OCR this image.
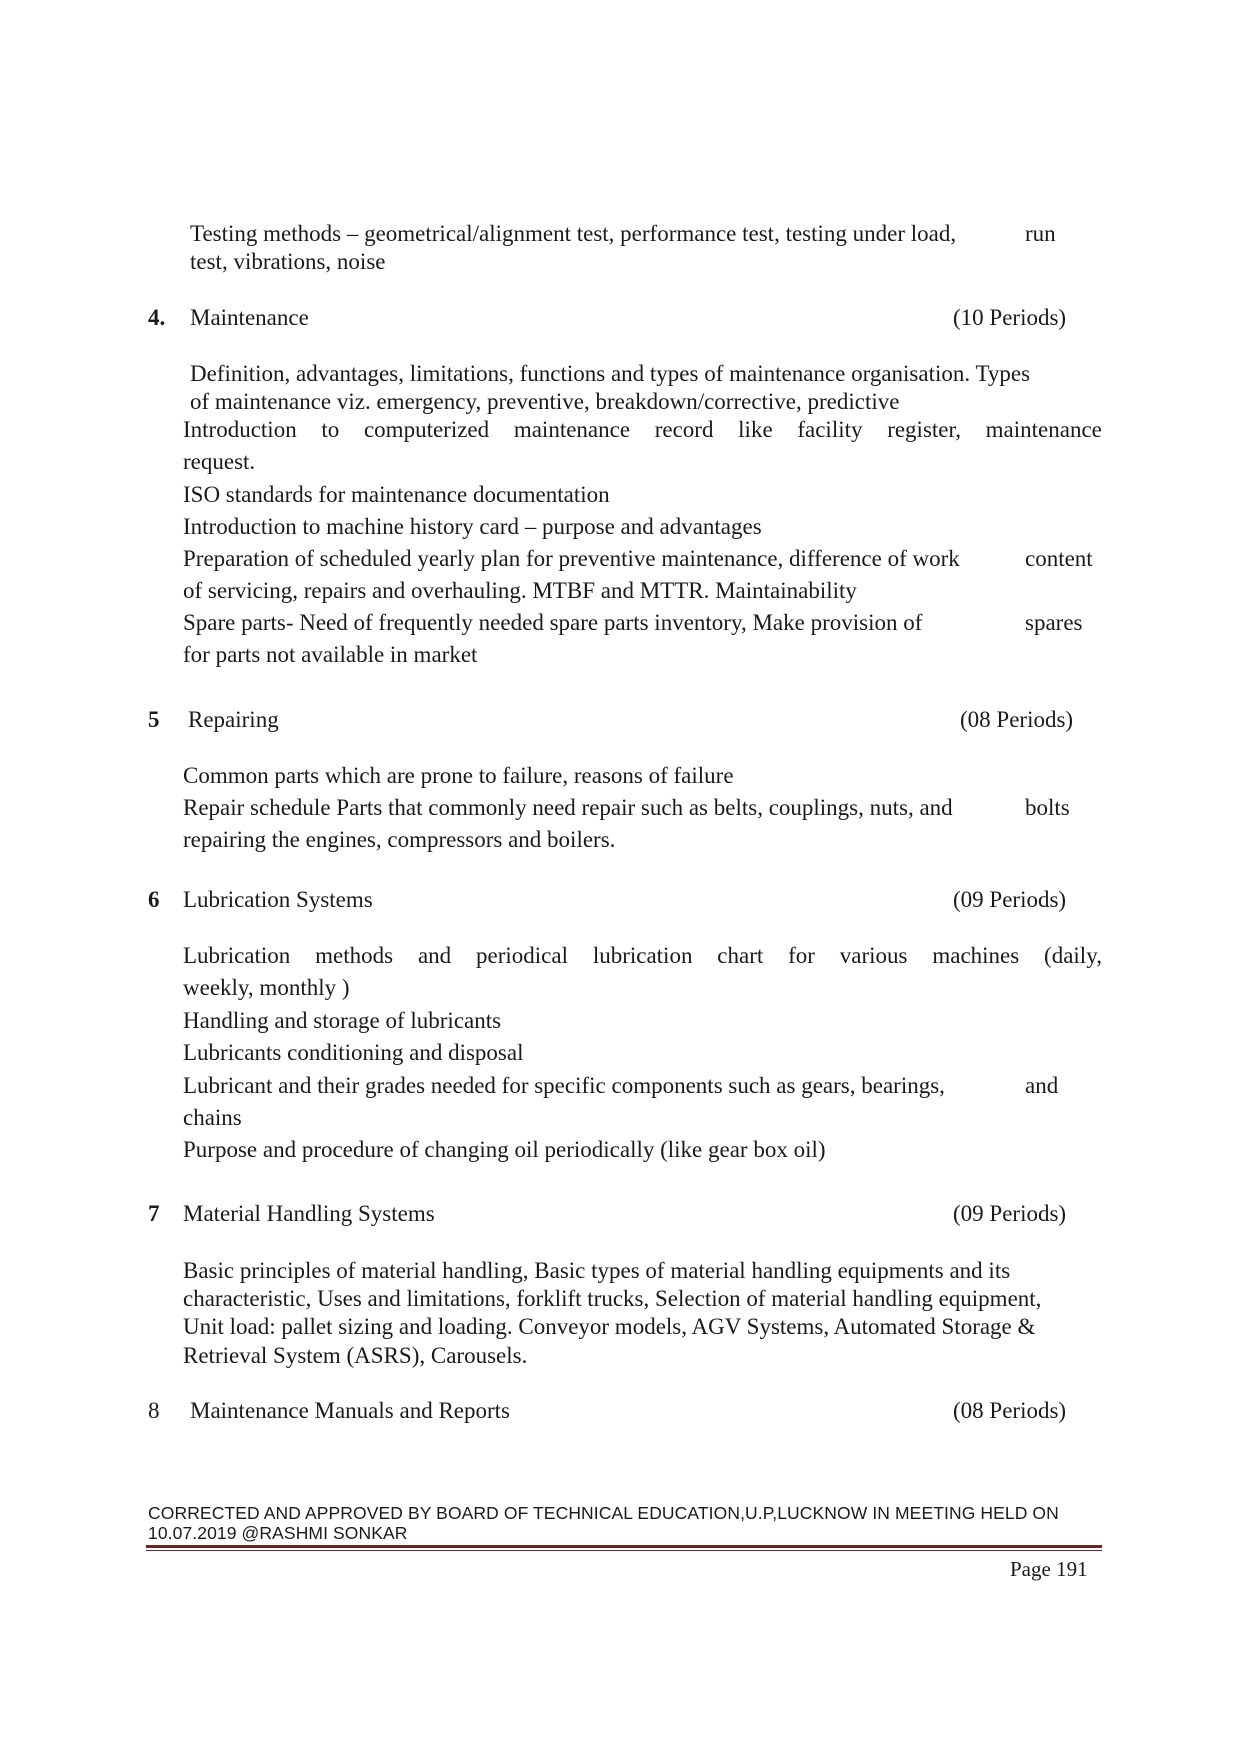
Testing methods – geometrical/alignment test, performance test, testing under load,	run
test, vibrations, noise
4. Maintenance	(10 Periods)
Definition, advantages, limitations, functions and types of maintenance organisation. Types
of maintenance viz. emergency, preventive, breakdown/corrective, predictive
Introduction to computerized maintenance record like facility register, maintenance
request.
ISO standards for maintenance documentation
Introduction to machine history card – purpose and advantages
Preparation of scheduled yearly plan for preventive maintenance, difference of work	content
of servicing, repairs and overhauling. MTBF and MTTR. Maintainability
Spare parts- Need of frequently needed spare parts inventory, Make provision of	spares
for parts not available in market
5 Repairing	(08 Periods)
Common parts which are prone to failure, reasons of failure
Repair schedule Parts that commonly need repair such as belts, couplings, nuts, and	bolts
repairing the engines, compressors and boilers.
6 Lubrication Systems	(09 Periods)
Lubrication methods and periodical lubrication chart for various machines (daily,
weekly, monthly )
Handling and storage of lubricants
Lubricants conditioning and disposal
Lubricant and their grades needed for specific components such as gears, bearings,	and
chains
Purpose and procedure of changing oil periodically (like gear box oil)
7 Material Handling Systems	(09 Periods)
Basic principles of material handling, Basic types of material handling equipments and its
characteristic, Uses and limitations, forklift trucks, Selection of material handling equipment,
Unit load: pallet sizing and loading. Conveyor models, AGV Systems, Automated Storage &
Retrieval System (ASRS), Carousels.
8 Maintenance Manuals and Reports	(08 Periods)
CORRECTED AND APPROVED BY BOARD OF TECHNICAL EDUCATION,U.P,LUCKNOW IN MEETING HELD ON
10.07.2019 @RASHMI SONKAR
Page 191
